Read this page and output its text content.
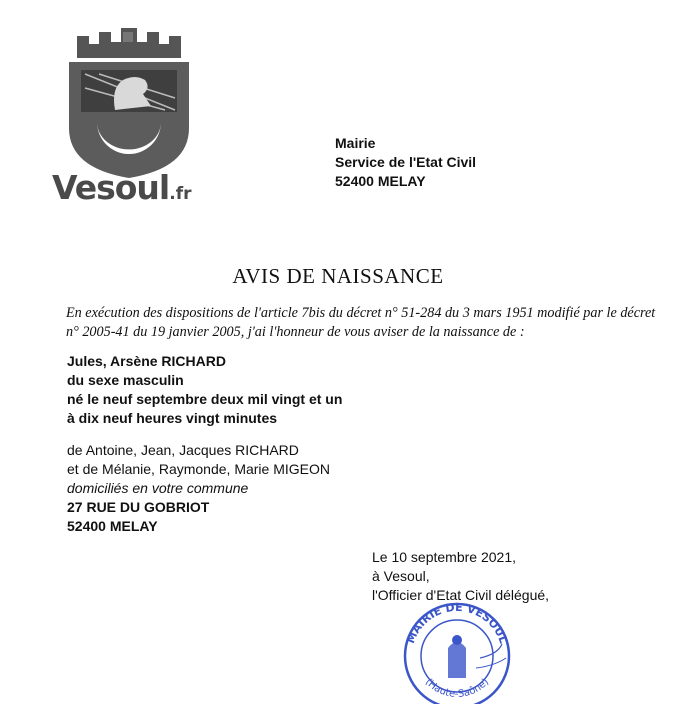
Vesoul.fr
Mairie
Service de l'Etat Civil
52400 MELAY
AVIS DE NAISSANCE
En exécution des dispositions de l'article 7bis du décret n° 51-284 du 3 mars 1951 modifié par le décret n° 2005-41 du 19 janvier 2005, j'ai l'honneur de vous aviser de la naissance de :
Jules, Arsène RICHARD
du sexe masculin
né le neuf septembre deux mil vingt et un
à dix neuf heures vingt minutes
de Antoine, Jean, Jacques RICHARD
et de Mélanie, Raymonde, Marie MIGEON
domiciliés en votre commune
27 RUE DU GOBRIOT
52400 MELAY
Le 10 septembre 2021,
à Vesoul,
l'Officier d'Etat Civil délégué,
MAIRIE DE VESOUL
(Haute-Saône)
